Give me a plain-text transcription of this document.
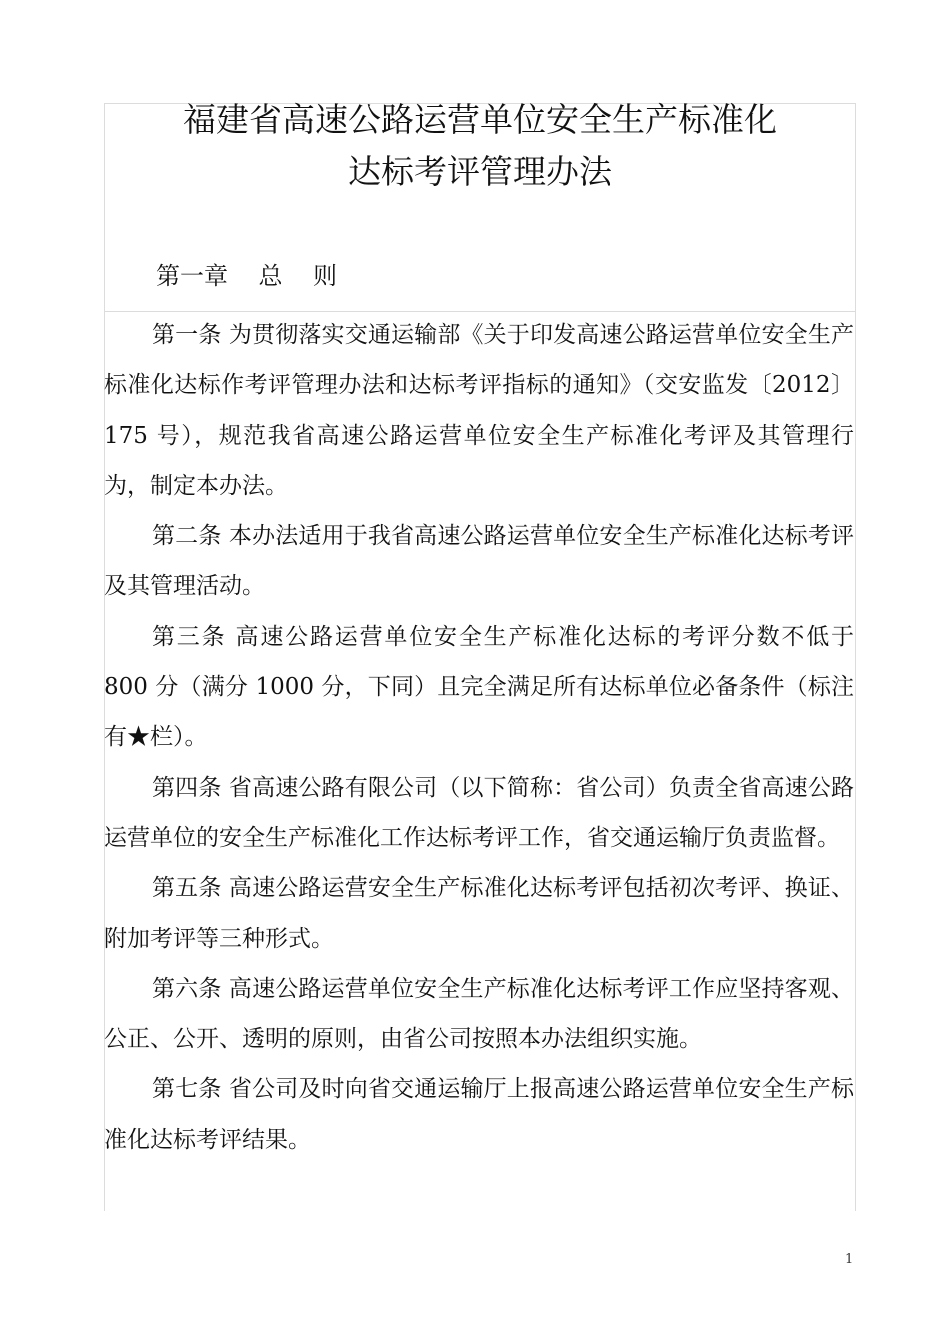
福建省高速公路运营单位安全生产标准化
达标考评管理办法
第一章    总    则

第一条 为贯彻落实交通运输部《关于印发高速公路运营单位安全生产标准化达标作考评管理办法和达标考评指标的通知》（交安监发〔2012〕175 号），规范我省高速公路运营单位安全生产标准化考评及其管理行为，制定本办法。

第二条 本办法适用于我省高速公路运营单位安全生产标准化达标考评及其管理活动。

第三条 高速公路运营单位安全生产标准化达标的考评分数不低于 800 分（满分 1000 分，下同）且完全满足所有达标单位必备条件（标注有★栏）。

第四条 省高速公路有限公司（以下简称：省公司）负责全省高速公路运营单位的安全生产标准化工作达标考评工作，省交通运输厅负责监督。

第五条 高速公路运营安全生产标准化达标考评包括初次考评、换证、附加考评等三种形式。

第六条 高速公路运营单位安全生产标准化达标考评工作应坚持客观、公正、公开、透明的原则，由省公司按照本办法组织实施。

第七条 省公司及时向省交通运输厅上报高速公路运营单位安全生产标准化达标考评结果。

1
